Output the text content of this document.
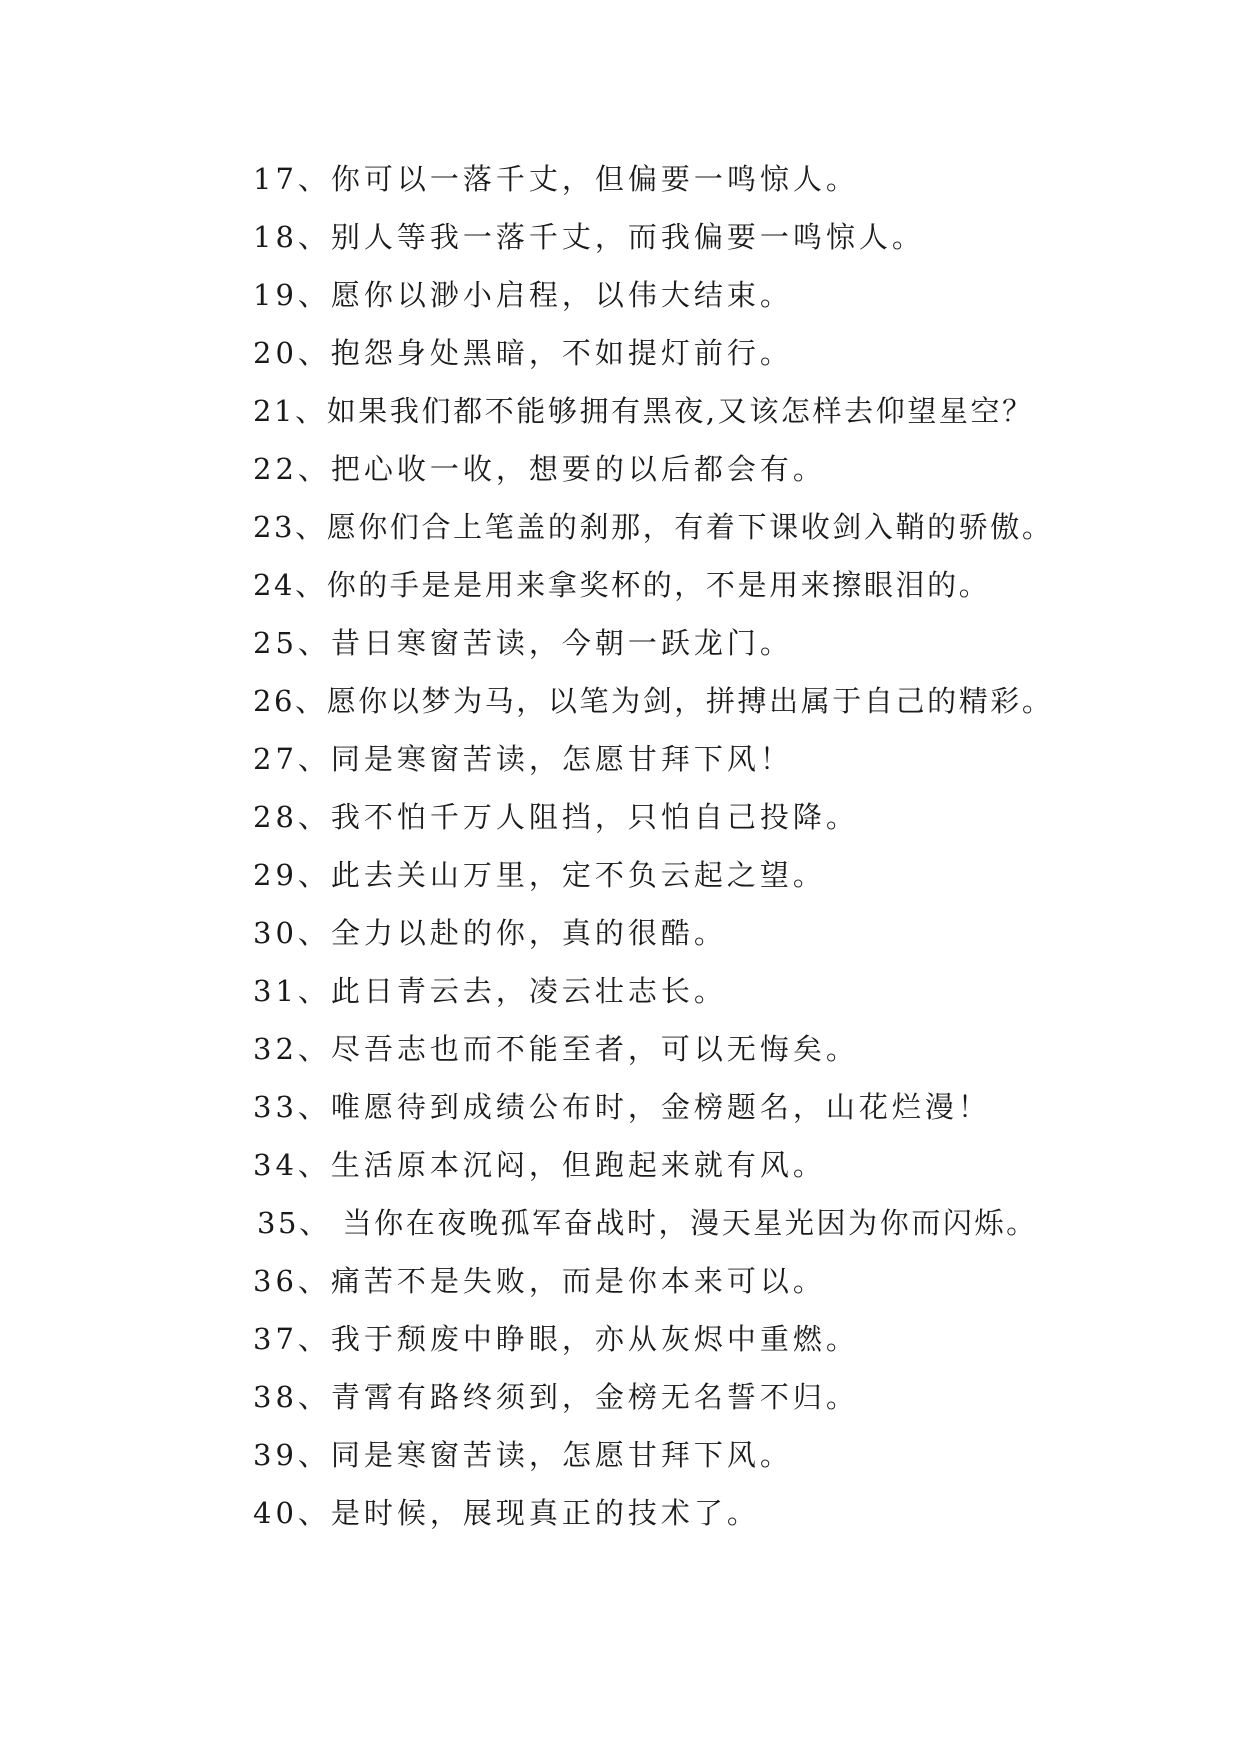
17、你可以一落千丈，但偏要一鸣惊人。
18、别人等我一落千丈，而我偏要一鸣惊人。
19、愿你以渺小启程，以伟大结束。
20、抱怨身处黑暗，不如提灯前行。
21、如果我们都不能够拥有黑夜,又该怎样去仰望星空？
22、把心收一收，想要的以后都会有。
23、愿你们合上笔盖的刹那，有着下课收剑入鞘的骄傲。
24、你的手是是用来拿奖杯的，不是用来擦眼泪的。
25、昔日寒窗苦读，今朝一跃龙门。
26、愿你以梦为马，以笔为剑，拼搏出属于自己的精彩。
27、同是寒窗苦读，怎愿甘拜下风！
28、我不怕千万人阻挡，只怕自己投降。
29、此去关山万里，定不负云起之望。
30、全力以赴的你，真的很酷。
31、此日青云去，凌云壮志长。
32、尽吾志也而不能至者，可以无悔矣。
33、唯愿待到成绩公布时，金榜题名，山花烂漫！
34、生活原本沉闷，但跑起来就有风。
35、 当你在夜晚孤军奋战时，漫天星光因为你而闪烁。
36、痛苦不是失败，而是你本来可以。
37、我于颓废中睁眼，亦从灰烬中重燃。
38、青霄有路终须到，金榜无名誓不归。
39、同是寒窗苦读，怎愿甘拜下风。
40、是时候，展现真正的技术了。
